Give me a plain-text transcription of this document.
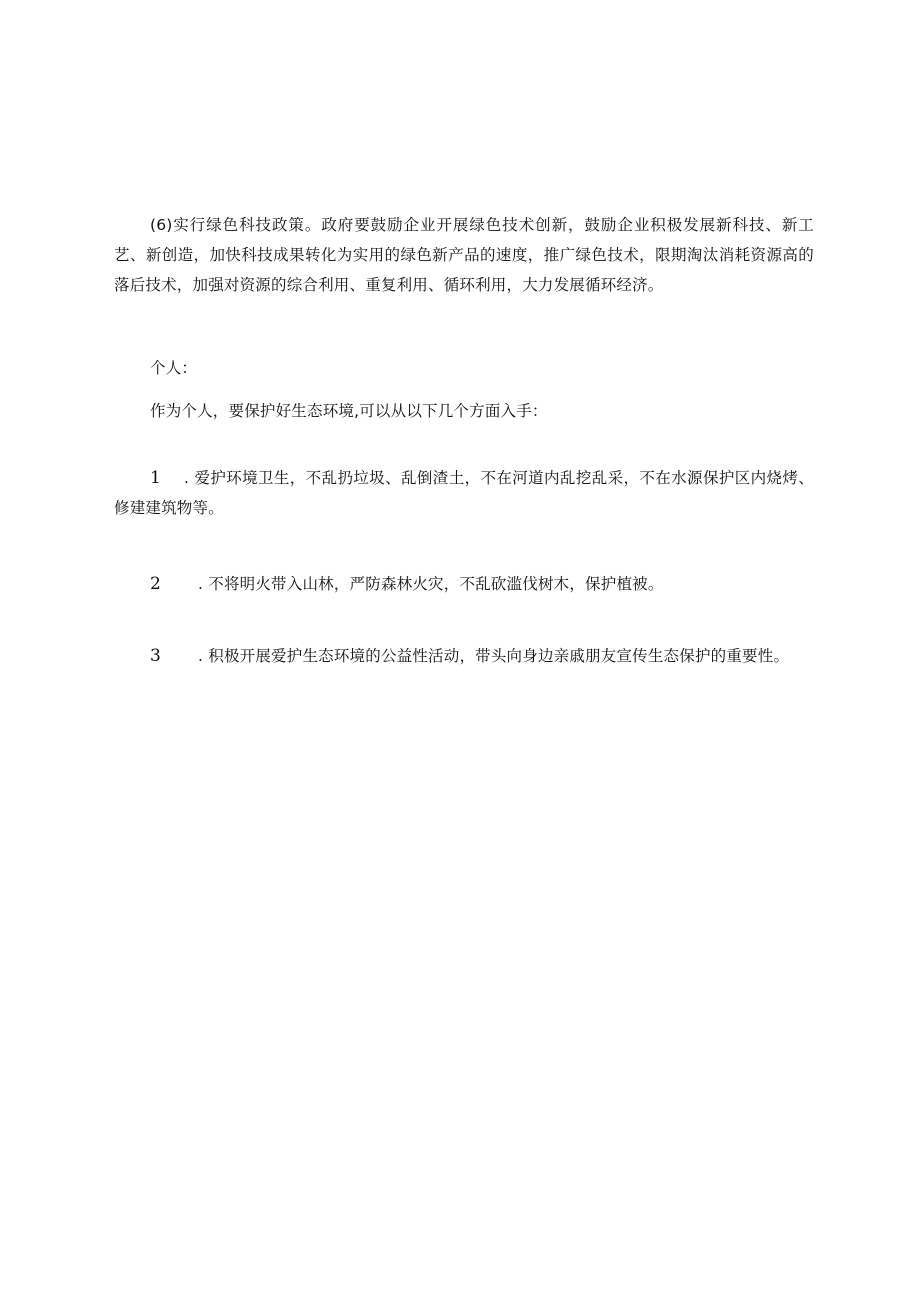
(6)实行绿色科技政策。政府要鼓励企业开展绿色技术创新，鼓励企业积极发展新科技、新工艺、新创造，加快科技成果转化为实用的绿色新产品的速度，推广绿色技术，限期淘汰消耗资源高的落后技术，加强对资源的综合利用、重复利用、循环利用，大力发展循环经济。

个人：

作为个人，要保护好生态环境,可以从以下几个方面入手：

1 . 爱护环境卫生，不乱扔垃圾、乱倒渣土，不在河道内乱挖乱采，不在水源保护区内烧烤、修建建筑物等。

2 . 不将明火带入山林，严防森林火灾，不乱砍滥伐树木，保护植被。

3 . 积极开展爱护生态环境的公益性活动，带头向身边亲戚朋友宣传生态保护的重要性。
